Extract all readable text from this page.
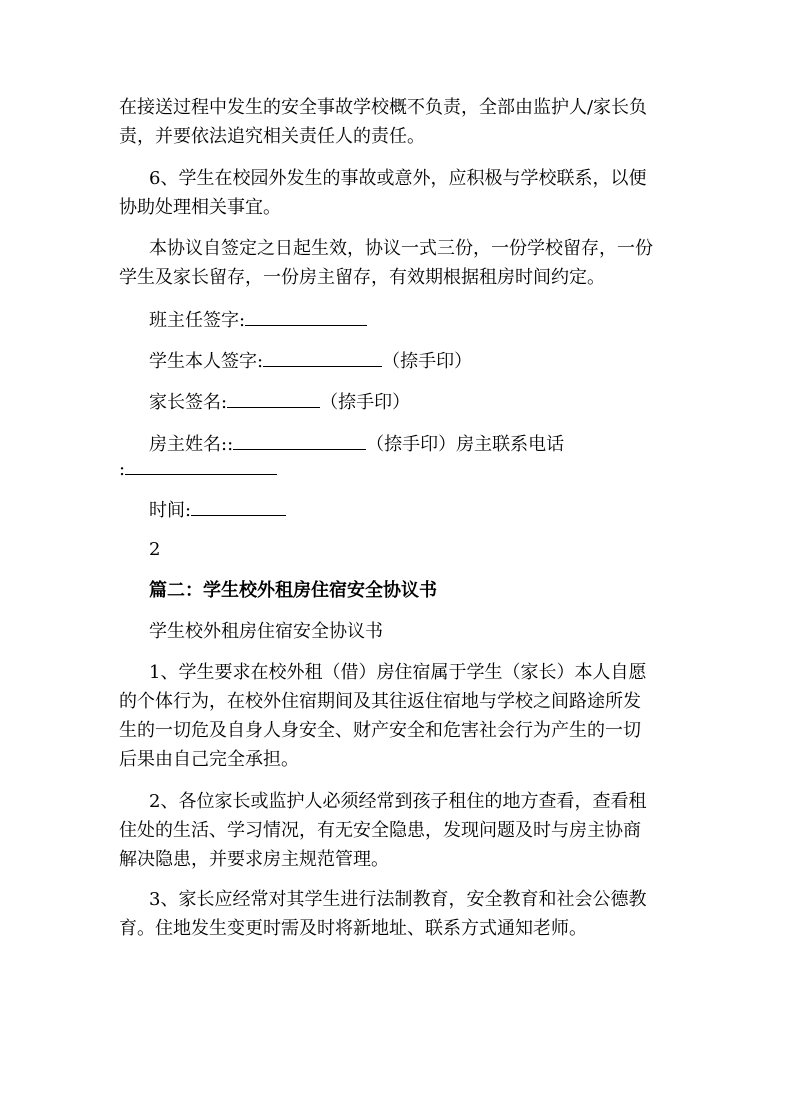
在接送过程中发生的安全事故学校概不负责，全部由监护人/家长负
责，并要依法追究相关责任人的责任。
6、学生在校园外发生的事故或意外，应积极与学校联系，以便
协助处理相关事宜。
本协议自签定之日起生效，协议一式三份，一份学校留存，一份
学生及家长留存，一份房主留存，有效期根据租房时间约定。
班主任签字:
学生本人签字:	（捺手印）
家长签名:	（捺手印）
房主姓名::	（捺手印）房主联系电话
:
时间:
2
篇二：学生校外租房住宿安全协议书
学生校外租房住宿安全协议书
1、学生要求在校外租（借）房住宿属于学生（家长）本人自愿
的个体行为，在校外住宿期间及其往返住宿地与学校之间路途所发
生的一切危及自身人身安全、财产安全和危害社会行为产生的一切
后果由自己完全承担。
2、各位家长或监护人必须经常到孩子租住的地方查看，查看租
住处的生活、学习情况，有无安全隐患，发现问题及时与房主协商
解决隐患，并要求房主规范管理。
3、家长应经常对其学生进行法制教育，安全教育和社会公德教
育。住地发生变更时需及时将新地址、联系方式通知老师。
